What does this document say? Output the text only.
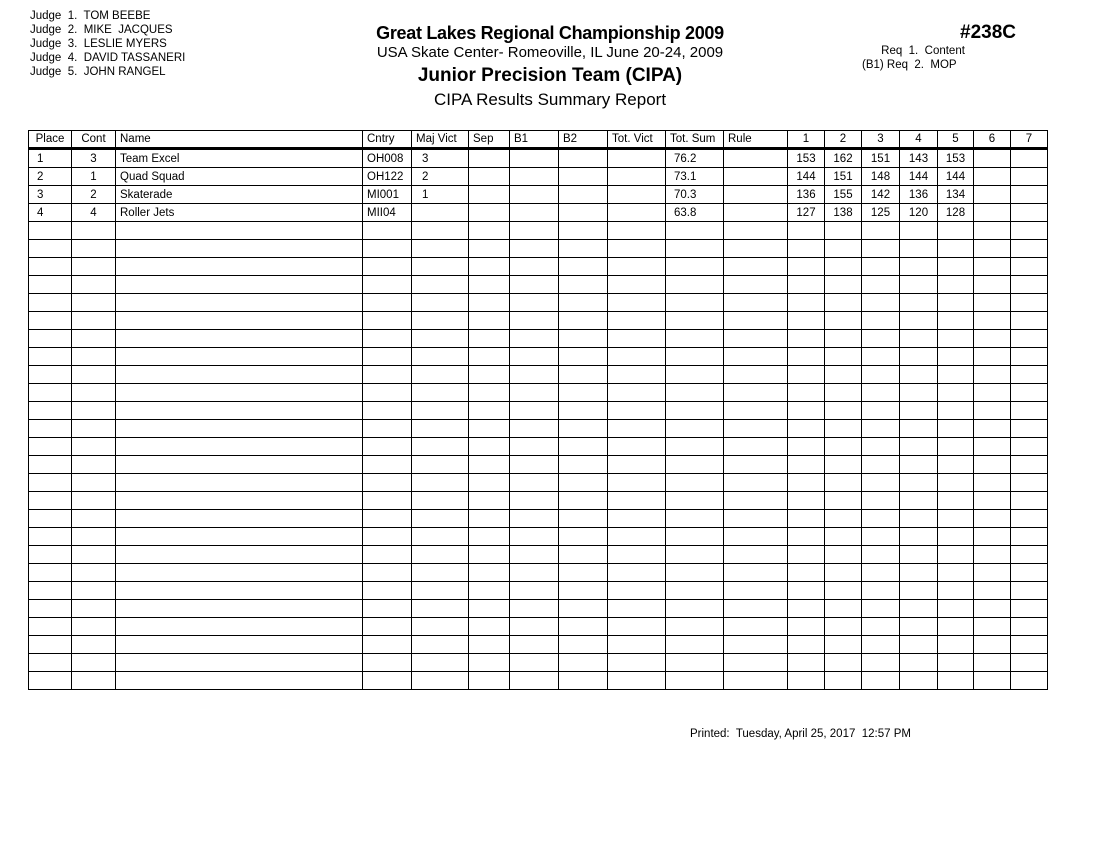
Judge  1. TOM BEEBE
Judge  2. MIKE  JACQUES
Judge  3. LESLIE MYERS
Judge  4. DAVID TASSANERI
Judge  5. JOHN RANGEL
Great Lakes Regional Championship 2009
USA Skate Center- Romeoville, IL June 20-24, 2009
Junior Precision Team (CIPA)
CIPA Results Summary Report
#238C
Req  1.  Content
(B1) Req  2.  MOP
Place	Cont	Name	Cntry	Maj Vict	Sep	B1	B2	Tot. Vict	Tot. Sum	Rule	1	2	3	4	5	6	7
1	3	Team Excel	OH008	3					76.2		153	162	151	143	153		
2	1	Quad Squad	OH122	2					73.1		144	151	148	144	144		
3	2	Skaterade	MI001	1					70.3		136	155	142	136	134		
4	4	Roller Jets	MII04						63.8		127	138	125	120	128		

Printed:  Tuesday, April 25, 2017  12:57 PM
